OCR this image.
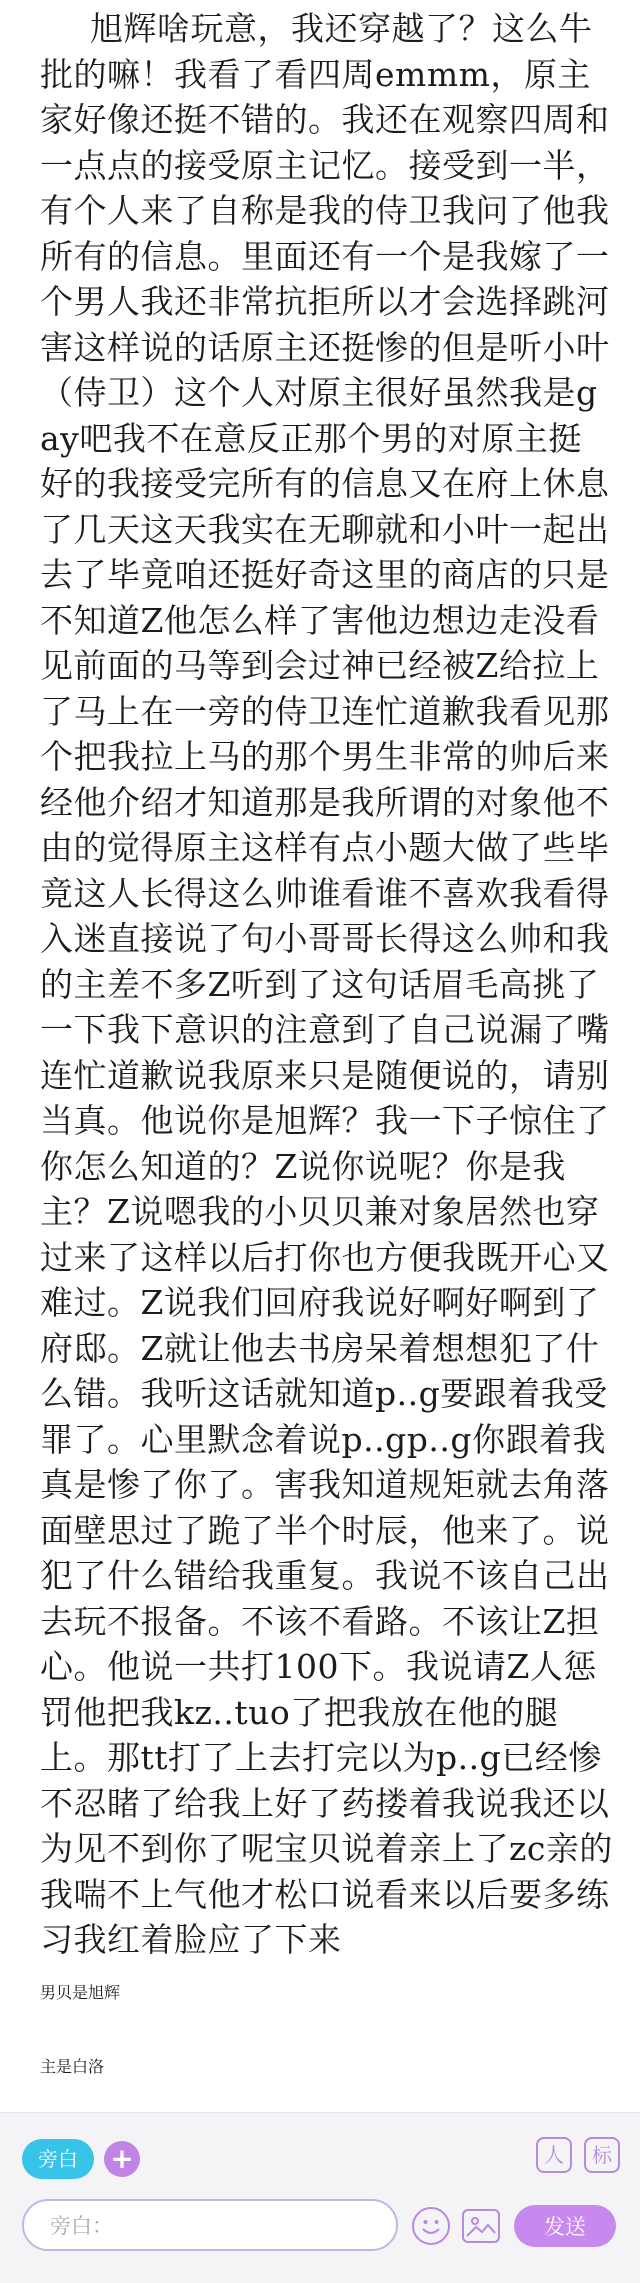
旭辉啥玩意，我还穿越了？这么牛批的嘛！我看了看四周emmm，原主家好像还挺不错的。我还在观察四周和一点点的接受原主记忆。接受到一半，有个人来了自称是我的侍卫我问了他我所有的信息。里面还有一个是我嫁了一个男人我还非常抗拒所以才会选择跳河害这样说的话原主还挺惨的但是听小叶（侍卫）这个人对原主很好虽然我是gay吧我不在意反正那个男的对原主挺好的我接受完所有的信息又在府上休息了几天这天我实在无聊就和小叶一起出去了毕竟咱还挺好奇这里的商店的只是不知道Z他怎么样了害他边想边走没看见前面的马等到会过神已经被Z给拉上了马上在一旁的侍卫连忙道歉我看见那个把我拉上马的那个男生非常的帅后来经他介绍才知道那是我所谓的对象他不由的觉得原主这样有点小题大做了些毕竟这人长得这么帅谁看谁不喜欢我看得入迷直接说了句小哥哥长得这么帅和我的主差不多Z听到了这句话眉毛高挑了一下我下意识的注意到了自己说漏了嘴连忙道歉说我原来只是随便说的，请别当真。他说你是旭辉？我一下子惊住了你怎么知道的？Z说你说呢？你是我主？Z说嗯我的小贝贝兼对象居然也穿过来了这样以后打你也方便我既开心又难过。Z说我们回府我说好啊好啊到了府邸。Z就让他去书房呆着想想犯了什么错。我听这话就知道p..g要跟着我受罪了。心里默念着说p..gp..g你跟着我真是惨了你了。害我知道规矩就去角落面壁思过了跪了半个时辰，他来了。说犯了什么错给我重复。我说不该自己出去玩不报备。不该不看路。不该让Z担心。他说一共打100下。我说请Z人惩罚他把我kz..tuo了把我放在他的腿上。那tt打了上去打完以为p..g已经惨不忍睹了给我上好了药搂着我说我还以为见不到你了呢宝贝说着亲上了zc亲的我喘不上气他才松口说看来以后要多练习我红着脸应了下来

男贝是旭辉

主是白洛

旁白	+	人	标
旁白：
发送
